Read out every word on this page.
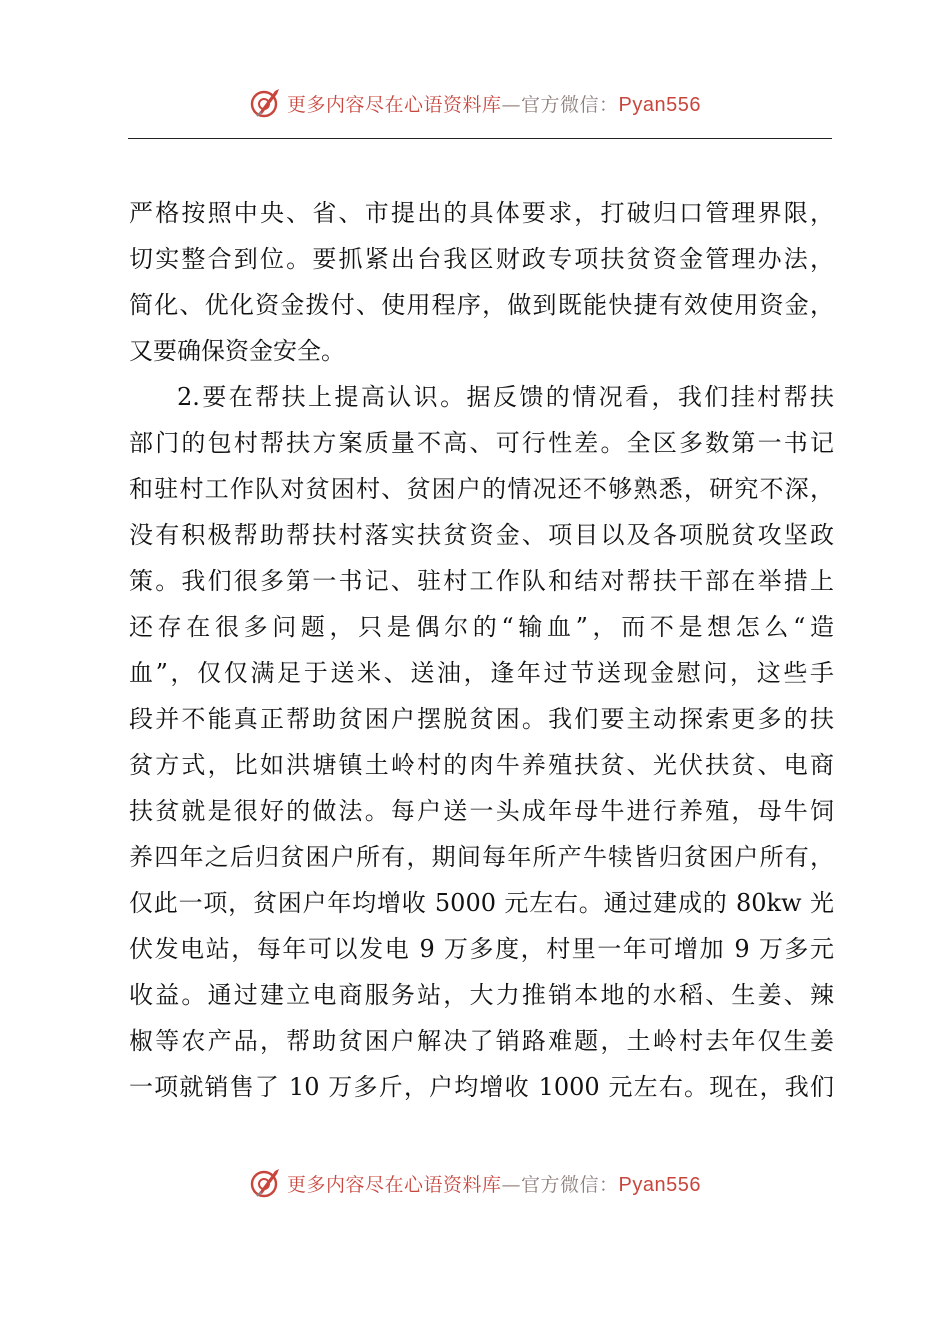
更多内容尽在心语资料库—官方微信：Pyan556
严格按照中央、省、市提出的具体要求，打破归口管理界限，
切实整合到位。要抓紧出台我区财政专项扶贫资金管理办法，
简化、优化资金拨付、使用程序，做到既能快捷有效使用资金，
又要确保资金安全。
2.要在帮扶上提高认识。据反馈的情况看，我们挂村帮扶
部门的包村帮扶方案质量不高、可行性差。全区多数第一书记
和驻村工作队对贫困村、贫困户的情况还不够熟悉，研究不深，
没有积极帮助帮扶村落实扶贫资金、项目以及各项脱贫攻坚政
策。我们很多第一书记、驻村工作队和结对帮扶干部在举措上
还存在很多问题，只是偶尔的“输血”，而不是想怎么“造
血”，仅仅满足于送米、送油，逢年过节送现金慰问，这些手
段并不能真正帮助贫困户摆脱贫困。我们要主动探索更多的扶
贫方式，比如洪塘镇土岭村的肉牛养殖扶贫、光伏扶贫、电商
扶贫就是很好的做法。每户送一头成年母牛进行养殖，母牛饲
养四年之后归贫困户所有，期间每年所产牛犊皆归贫困户所有，
仅此一项，贫困户年均增收 5000 元左右。通过建成的 80kw 光
伏发电站，每年可以发电 9 万多度，村里一年可增加 9 万多元
收益。通过建立电商服务站，大力推销本地的水稻、生姜、辣
椒等农产品，帮助贫困户解决了销路难题，土岭村去年仅生姜
一项就销售了 10 万多斤，户均增收 1000 元左右。现在，我们
更多内容尽在心语资料库—官方微信：Pyan556
